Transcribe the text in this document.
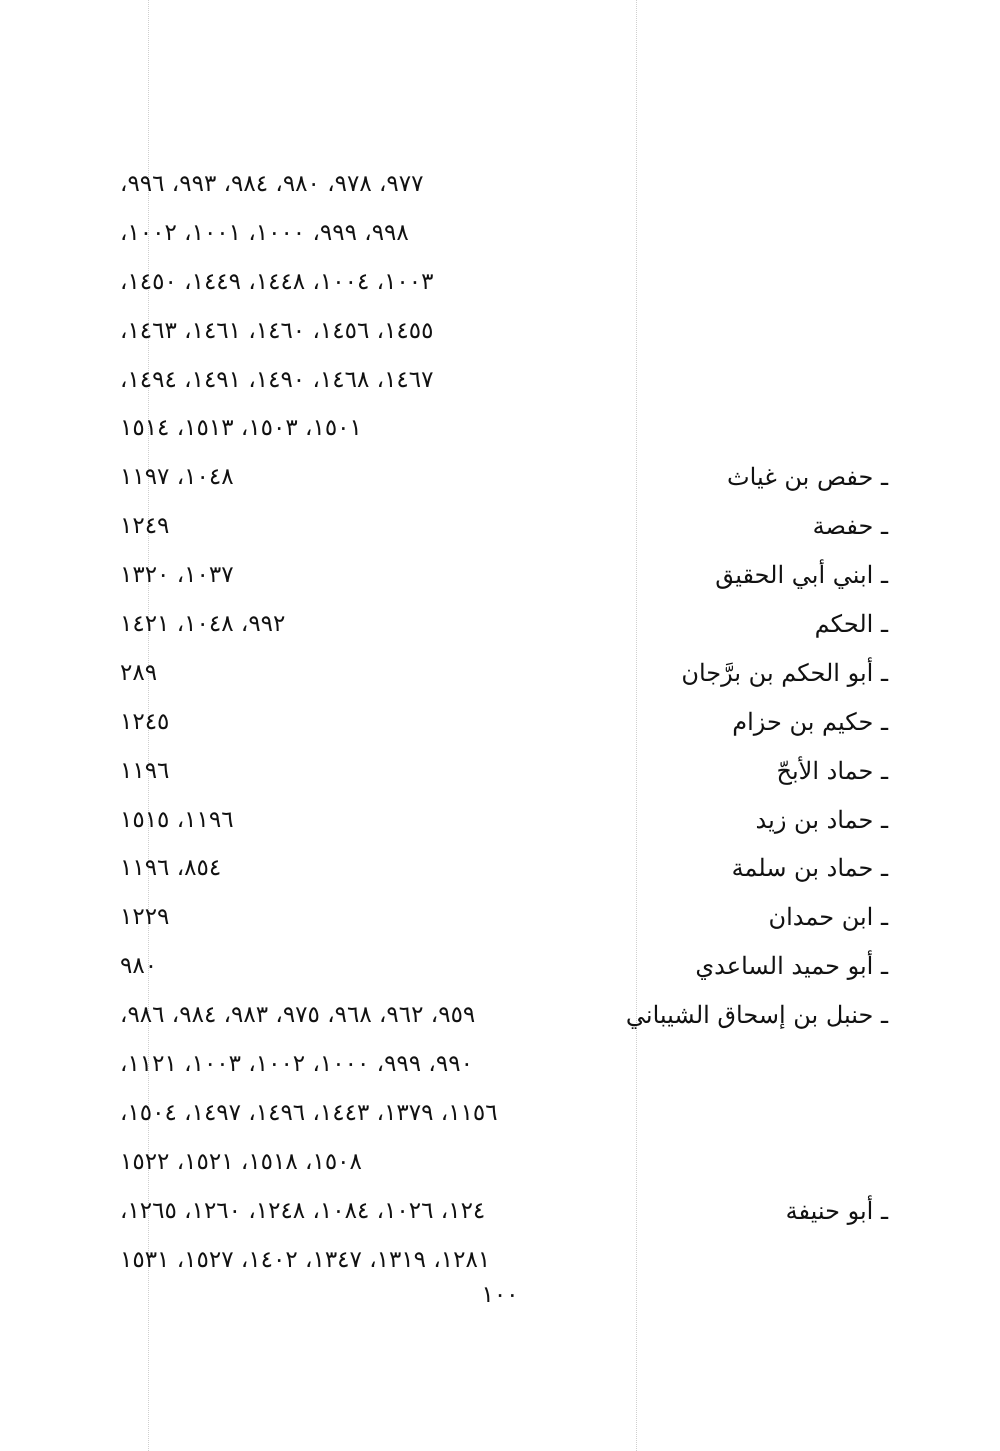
٩٧٧، ٩٧٨، ٩٨٠، ٩٨٤، ٩٩٣، ٩٩٦،
٩٩٨، ٩٩٩، ١٠٠٠، ١٠٠١، ١٠٠٢،
١٠٠٣، ١٠٠٤، ١٤٤٨، ١٤٤٩، ١٤٥٠،
١٤٥٥، ١٤٥٦، ١٤٦٠، ١٤٦١، ١٤٦٣،
١٤٦٧، ١٤٦٨، ١٤٩٠، ١٤٩١، ١٤٩٤،
١٥٠١، ١٥٠٣، ١٥١٣، ١٥١٤
ـ حفص بن غياث
١٠٤٨، ١١٩٧
ـ حفصة
١٢٤٩
ـ ابني أبي الحقيق
١٠٣٧، ١٣٢٠
ـ الحكم
٩٩٢، ١٠٤٨، ١٤٢١
ـ أبو الحكم بن برَّجان
٢٨٩
ـ حكيم بن حزام
١٢٤٥
ـ حماد الأبحّ
١١٩٦
ـ حماد بن زيد
١١٩٦، ١٥١٥
ـ حماد بن سلمة
٨٥٤، ١١٩٦
ـ ابن حمدان
١٢٢٩
ـ أبو حميد الساعدي
٩٨٠
ـ حنبل بن إسحاق الشيباني
٩٥٩، ٩٦٢، ٩٦٨، ٩٧٥، ٩٨٣، ٩٨٤، ٩٨٦،
٩٩٠، ٩٩٩، ١٠٠٠، ١٠٠٢، ١٠٠٣، ١١٢١،
١١٥٦، ١٣٧٩، ١٤٤٣، ١٤٩٦، ١٤٩٧، ١٥٠٤،
١٥٠٨، ١٥١٨، ١٥٢١، ١٥٢٢
ـ أبو حنيفة
١٢٤، ١٠٢٦، ١٠٨٤، ١٢٤٨، ١٢٦٠، ١٢٦٥،
١٢٨١، ١٣١٩، ١٣٤٧، ١٤٠٢، ١٥٢٧، ١٥٣١
١٠٠
